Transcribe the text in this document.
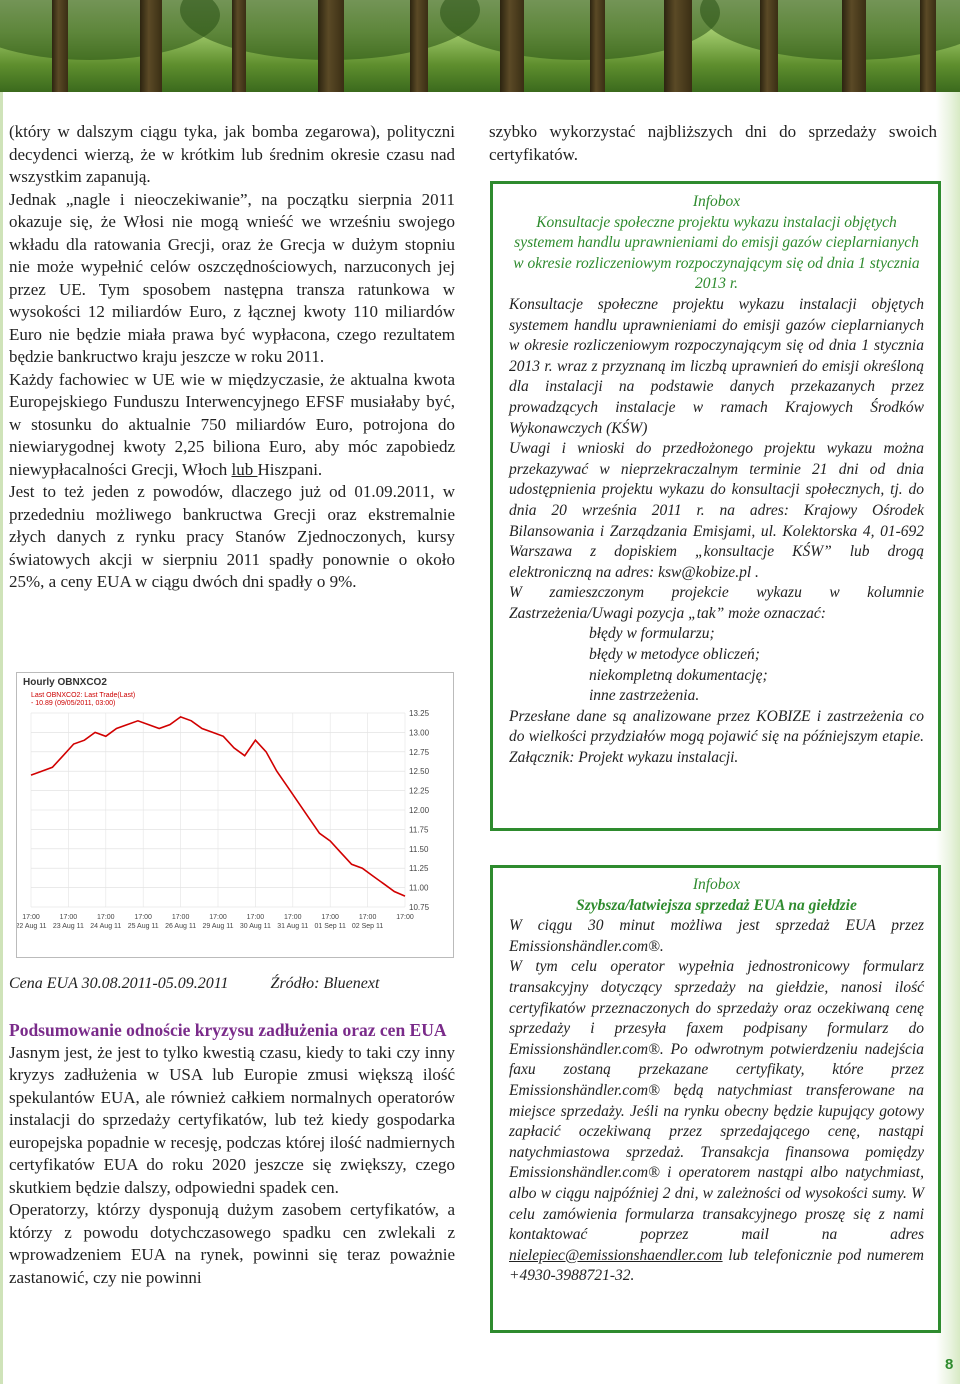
(który w dalszym ciągu tyka, jak bomba zegarowa), polityczni decydenci wierzą, że w krótkim lub średnim okresie czasu nad wszystkim zapanują.

Jednak „nagle i nieoczekiwanie”, na początku sierpnia 2011 okazuje się, że Włosi nie mogą wnieść we wrześniu swojego wkładu dla ratowania Grecji, oraz że Grecja w dużym stopniu nie może wypełnić celów oszczędnościowych, narzuconych jej przez UE. Tym sposobem następna transza ratunkowa w wysokości 12 miliardów Euro, z łącznej kwoty 110 miliardów Euro nie będzie miała prawa być wypłacona, czego rezultatem będzie bankructwo kraju jeszcze w roku 2011.

Każdy fachowiec w UE wie w międzyczasie, że aktualna kwota Europejskiego Funduszu Interwencyjnego EFSF musiałaby być, w stosunku do aktualnie 750 miliardów Euro, potrojona do niewiarygodnej kwoty 2,25 biliona Euro, aby móc zapobiedz niewypłacalności Grecji, Włoch lub Hiszpani.

Jest to też jeden z powodów, dlaczego już od 01.09.2011, w przededniu możliwego bankructwa Grecji oraz ekstremalnie złych danych z rynku pracy Stanów Zjednoczonych, kursy światowych akcji w sierpniu 2011 spadły ponownie o około 25%, a ceny EUA w ciągu dwóch dni spadły o 9%.

Hourly OBNXCO2
Last OBNXCO2: Last Trade(Last)
- 10.89 (09/05/2011, 03:00)
13.25
13.00
12.75
12.50
12.25
12.00
11.75
11.50
11.25
11.00
10.75
17:00
22 Aug 11
17:00
23 Aug 11
17:00
24 Aug 11
17:00
25 Aug 11
17:00
26 Aug 11
17:00
29 Aug 11
17:00
30 Aug 11
17:00
31 Aug 11
17:00
01 Sep 11
17:00
02 Sep 11
17:00
Cena EUA 30.08.2011-05.09.2011	Źródło: Bluenext
Podsumowanie odnoście kryzysu zadłużenia oraz cen EUA

Jasnym jest, że jest to tylko kwestią czasu, kiedy to taki czy inny kryzys zadłużenia w USA lub Europie zmusi większą ilość spekulantów EUA, ale również całkiem normalnych operatorów instalacji do sprzedaży certyfikatów, lub też kiedy gospodarka europejska popadnie w recesję, podczas której ilość nadmiernych certyfikatów EUA do roku 2020 jeszcze się zwiększy, czego skutkiem będzie dalszy, odpowiedni spadek cen.

Operatorzy, którzy dysponują dużym zasobem certyfikatów, a którzy z powodu dotychczasowego spadku cen zwlekali z wprowadzeniem EUA na rynek, powinni się teraz poważnie zastanowić, czy nie powinni

szybko wykorzystać najbliższych dni do sprzedaży swoich certyfikatów.

Infobox
Konsultacje społeczne projektu wykazu instalacji objętych systemem handlu uprawnieniami do emisji gazów cieplarnianych w okresie rozliczeniowym rozpoczynającym się od dnia 1 stycznia 2013 r.

Konsultacje społeczne projektu wykazu instalacji objętych systemem handlu uprawnieniami do emisji gazów cieplarnianych w okresie rozliczeniowym rozpoczynającym się od dnia 1 stycznia 2013 r. wraz z przyznaną im liczbą uprawnień do emisji określoną dla instalacji na podstawie danych przekazanych przez prowadzących instalacje w ramach Krajowych Środków Wykonawczych (KŚW)

Uwagi i wnioski do przedłożonego projektu wykazu można przekazywać w nieprzekraczalnym terminie 21 dni od dnia udostępnienia projektu wykazu do konsultacji społecznych, tj. do dnia 20 września 2011 r. na adres: Krajowy Ośrodek Bilansowania i Zarządzania Emisjami, ul. Kolektorska 4, 01-692 Warszawa z dopiskiem „konsultacje KŚW” lub drogą elektroniczną na adres: ksw@kobize.pl .

W zamieszczonym projekcie wykazu w kolumnie Zastrzeżenia/Uwagi pozycja „tak” może oznaczać:

błędy w formularzu;
błędy w metodyce obliczeń;
niekompletną dokumentację;
inne zastrzeżenia.

Przesłane dane są analizowane przez KOBIZE i zastrzeżenia co do wielkości przydziałów mogą pojawić się na późniejszym etapie. Załącznik: Projekt wykazu instalacji.

Infobox
Szybsza/łatwiejsza sprzedaż EUA na giełdzie

W ciągu 30 minut możliwa jest sprzedaż EUA przez Emissionshändler.com®.

W tym celu operator wypełnia jednostronicowy formularz transakcyjny dotyczący sprzedaży na giełdzie, nanosi ilość certyfikatów przeznaczonych do sprzedaży oraz oczekiwaną cenę sprzedaży i przesyła faxem podpisany formularz do Emissionshändler.com®. Po odwrotnym potwierdzeniu nadejścia faxu zostaną przekazane certyfikaty, które przez Emissionshändler.com® będą natychmiast transferowane na miejsce sprzedaży. Jeśli na rynku obecny będzie kupujący gotowy zapłacić oczekiwaną przez sprzedającego cenę, nastąpi natychmiastowa sprzedaż. Transakcja finansowa pomiędzy Emissionshändler.com® i operatorem nastąpi albo natychmiast, albo w ciągu najpóźniej 2 dni, w zależności od wysokości sumy. W celu zamówienia formularza transakcyjnego proszę się z nami kontaktować poprzez mail na adres nielepiec@emissionshaendler.com lub telefonicznie pod numerem +4930-3988721-32.

8
